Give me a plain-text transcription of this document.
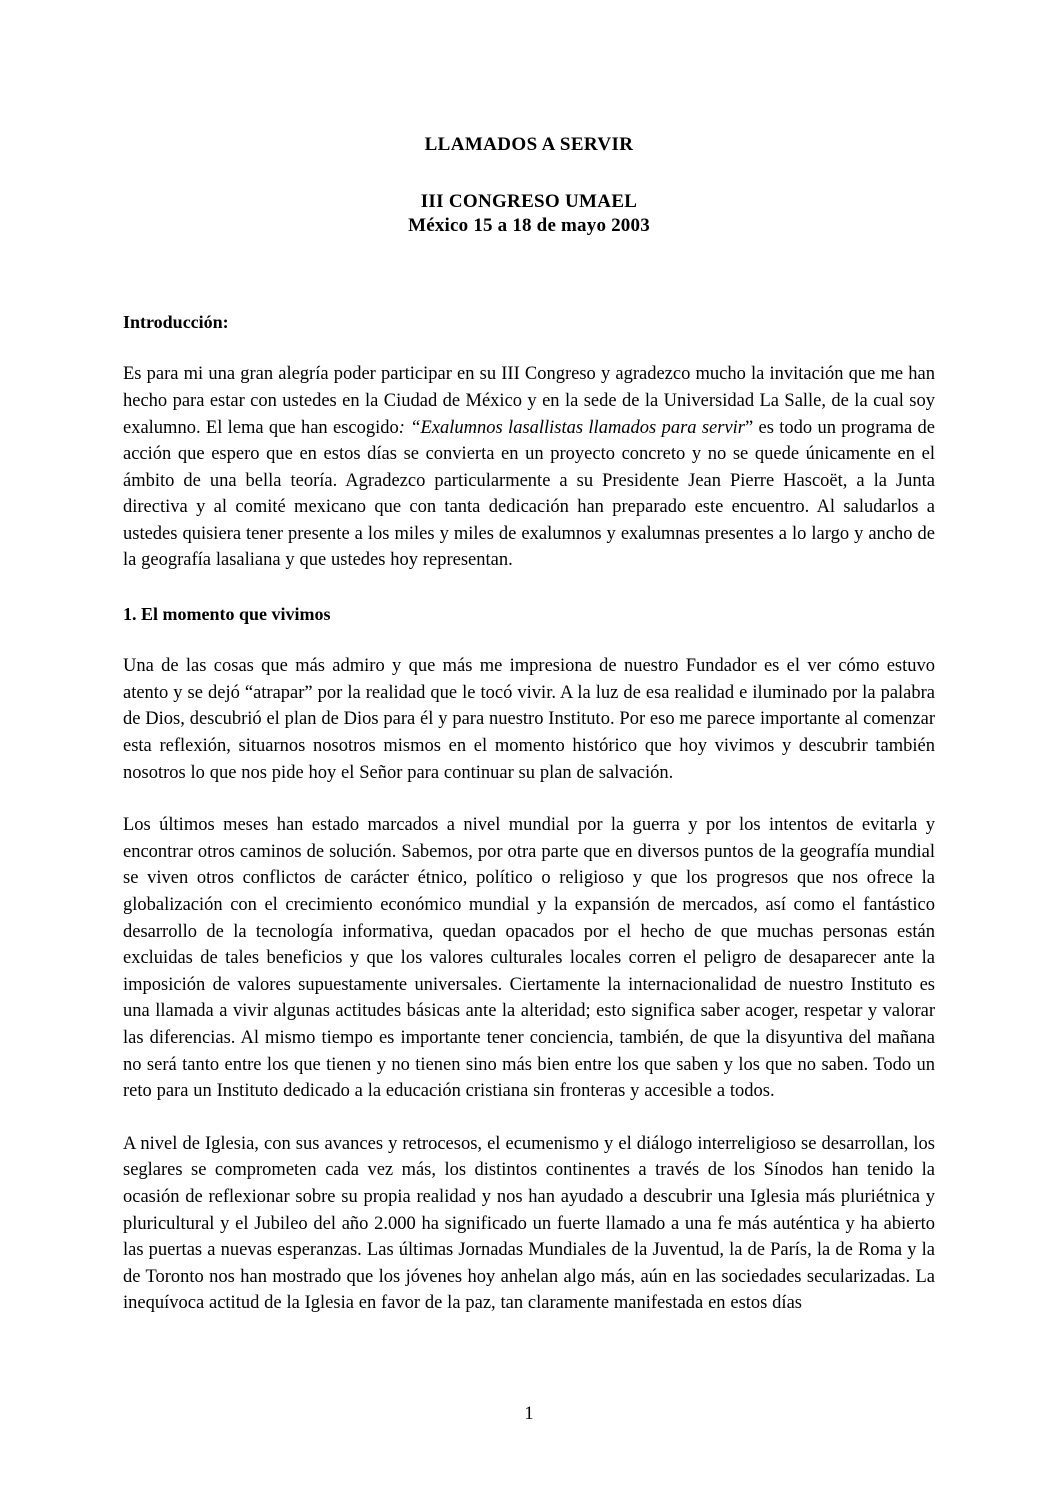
LLAMADOS A SERVIR
III CONGRESO UMAEL
México 15 a 18 de mayo 2003
Introducción:

Es para mi una gran alegría poder participar en su III Congreso y agradezco mucho la invitación que me han hecho para estar con ustedes en la Ciudad de México y en la sede de la Universidad La Salle, de la cual soy exalumno. El lema que han escogido: “Exalumnos lasallistas llamados para servir” es todo un programa de acción que espero que en estos días se convierta en un proyecto concreto y no se quede únicamente en el ámbito de una bella teoría. Agradezco particularmente a su Presidente Jean Pierre Hascoët, a la Junta directiva y al comité mexicano que con tanta dedicación han preparado este encuentro. Al saludarlos a ustedes quisiera tener presente a los miles y miles de exalumnos y exalumnas presentes a lo largo y ancho de la geografía lasaliana y que ustedes hoy representan.

1. El momento que vivimos

Una de las cosas que más admiro y que más me impresiona de nuestro Fundador es el ver cómo estuvo atento y se dejó “atrapar” por la realidad que le tocó vivir. A la luz de esa realidad e iluminado por la palabra de Dios, descubrió el plan de Dios para él y para nuestro Instituto. Por eso me parece importante al comenzar esta reflexión, situarnos nosotros mismos en el momento histórico que hoy vivimos y descubrir también nosotros lo que nos pide hoy el Señor para continuar su plan de salvación.

Los últimos meses han estado marcados a nivel mundial por la guerra y por los intentos de evitarla y encontrar otros caminos de solución. Sabemos, por otra parte que en diversos puntos de la geografía mundial se viven otros conflictos de carácter étnico, político o religioso y que los progresos que nos ofrece la globalización con el crecimiento económico mundial y la expansión de mercados, así como el fantástico desarrollo de la tecnología informativa, quedan opacados por el hecho de que muchas personas están excluidas de tales beneficios y que los valores culturales locales corren el peligro de desaparecer ante la imposición de valores supuestamente universales. Ciertamente la internacionalidad de nuestro Instituto es una llamada a vivir algunas actitudes básicas ante la alteridad; esto significa saber acoger, respetar y valorar las diferencias. Al mismo tiempo es importante tener conciencia, también, de que la disyuntiva del mañana no será tanto entre los que tienen y no tienen sino más bien entre los que saben y los que no saben. Todo un reto para un Instituto dedicado a la educación cristiana sin fronteras y accesible a todos.

A nivel de Iglesia, con sus avances y retrocesos, el ecumenismo y el diálogo interreligioso se desarrollan, los seglares se comprometen cada vez más, los distintos continentes a través de los Sínodos han tenido la ocasión de reflexionar sobre su propia realidad y nos han ayudado a descubrir una Iglesia más pluriétnica y pluricultural y el Jubileo del año 2.000 ha significado un fuerte llamado a una fe más auténtica y ha abierto las puertas a nuevas esperanzas. Las últimas Jornadas Mundiales de la Juventud, la de París, la de Roma y la de Toronto nos han mostrado que los jóvenes hoy anhelan algo más, aún en las sociedades secularizadas. La inequívoca actitud de la Iglesia en favor de la paz, tan claramente manifestada en estos días

1
